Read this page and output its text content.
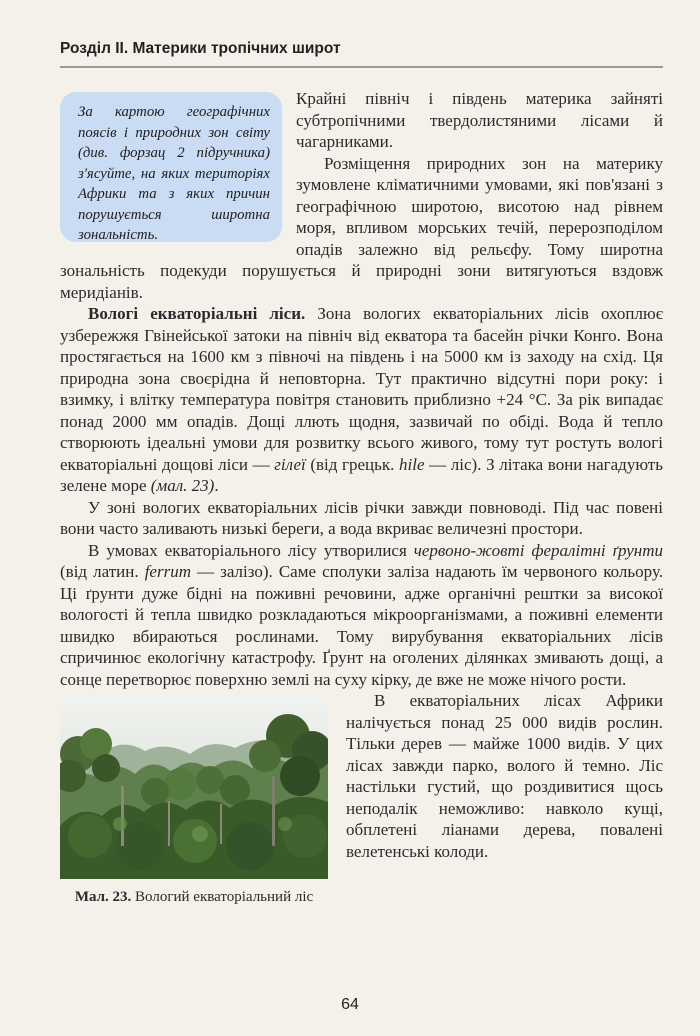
Розділ ІІ. Материки тропічних широт
За картою географічних поясів і природних зон світу (див. форзац 2 підручника) з'ясуйте, на яких територіях Африки та з яких причин порушується широтна зональність.

Крайні північ і південь материка зайняті субтропічними твердолистяними лісами й чагарниками.

Розміщення природних зон на материку зумовлене кліматичними умовами, які пов'язані з географічною широтою, висотою над рівнем моря, впливом морських течій, перерозподілом опадів залежно від рельєфу. Тому широтна зональність подекуди порушується й природні зони витягуються вздовж меридіанів.

Вологі екваторіальні ліси. Зона вологих екваторіальних лісів охоплює узбережжя Гвінейської затоки на північ від екватора та басейн річки Конго. Вона простягається на 1600 км з півночі на південь і на 5000 км із заходу на схід. Ця природна зона своєрідна й неповторна. Тут практично відсутні пори року: і взимку, і влітку температура повітря становить приблизно +24 °С. За рік випадає понад 2000 мм опадів. Дощі ллють щодня, зазвичай по обіді. Вода й тепло створюють ідеальні умови для розвитку всього живого, тому тут ростуть вологі екваторіальні дощові ліси — гілеї (від грецьк. hile — ліс). З літака вони нагадують зелене море (мал. 23).

У зоні вологих екваторіальних лісів річки завжди повноводі. Під час повені вони часто заливають низькі береги, а вода вкриває величезні простори.

В умовах екваторіального лісу утворилися червоно-жовті фералітні ґрунти (від латин. ferrum — залізо). Саме сполуки заліза надають їм червоного кольору. Ці ґрунти дуже бідні на поживні речовини, адже органічні рештки за високої вологості й тепла швидко розкладаються мікроорганізмами, а поживні елементи швидко вбираються рослинами. Тому вирубування екваторіальних лісів спричинює екологічну катастрофу. Ґрунт на оголених ділянках змивають дощі, а сонце перетворює поверхню землі на суху кірку, де вже не може нічого рости.

Мал. 23. Вологий екваторіальний ліс

В екваторіальних лісах Африки налічується понад 25 000 видів рослин. Тільки дерев — майже 1000 видів. У цих лісах завжди парко, волого й темно. Ліс настільки густий, що роздивитися щось неподалік неможливо: навколо кущі, обплетені ліанами дерева, повалені велетенські колоди.

64
